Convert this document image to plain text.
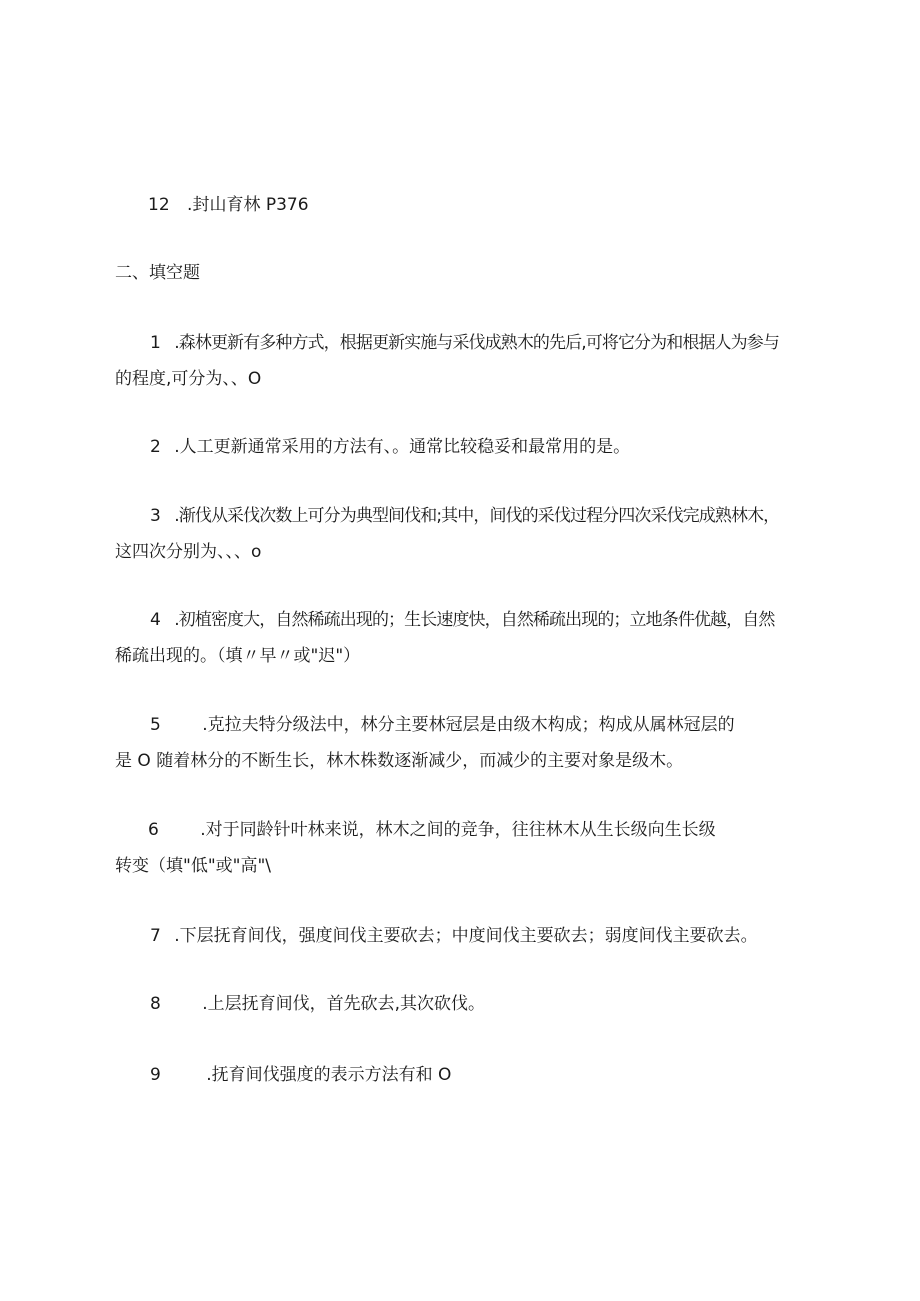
12 .封山育林 P376
二、填空题
1 .森林更新有多种方式，根据更新实施与采伐成熟木的先后,可将它分为和根据人为参与
的程度,可分为、、O
2 .人工更新通常采用的方法有、。通常比较稳妥和最常用的是。
3 .渐伐从采伐次数上可分为典型间伐和;其中，间伐的采伐过程分四次采伐完成熟林木，
这四次分别为、、、o
4 .初植密度大，自然稀疏出现的；生长速度快，自然稀疏出现的；立地条件优越，自然
稀疏出现的。（填〃早〃或"迟"）
5 .克拉夫特分级法中，林分主要林冠层是由级木构成；构成从属林冠层的
是 O 随着林分的不断生长，林木株数逐渐减少，而减少的主要对象是级木。
6 .对于同龄针叶林来说，林木之间的竞争，往往林木从生长级向生长级
转变（填"低"或"高"\
7 .下层抚育间伐，强度间伐主要砍去；中度间伐主要砍去；弱度间伐主要砍去。
8 .上层抚育间伐，首先砍去,其次砍伐。
9	.抚育间伐强度的表示方法有和 O
